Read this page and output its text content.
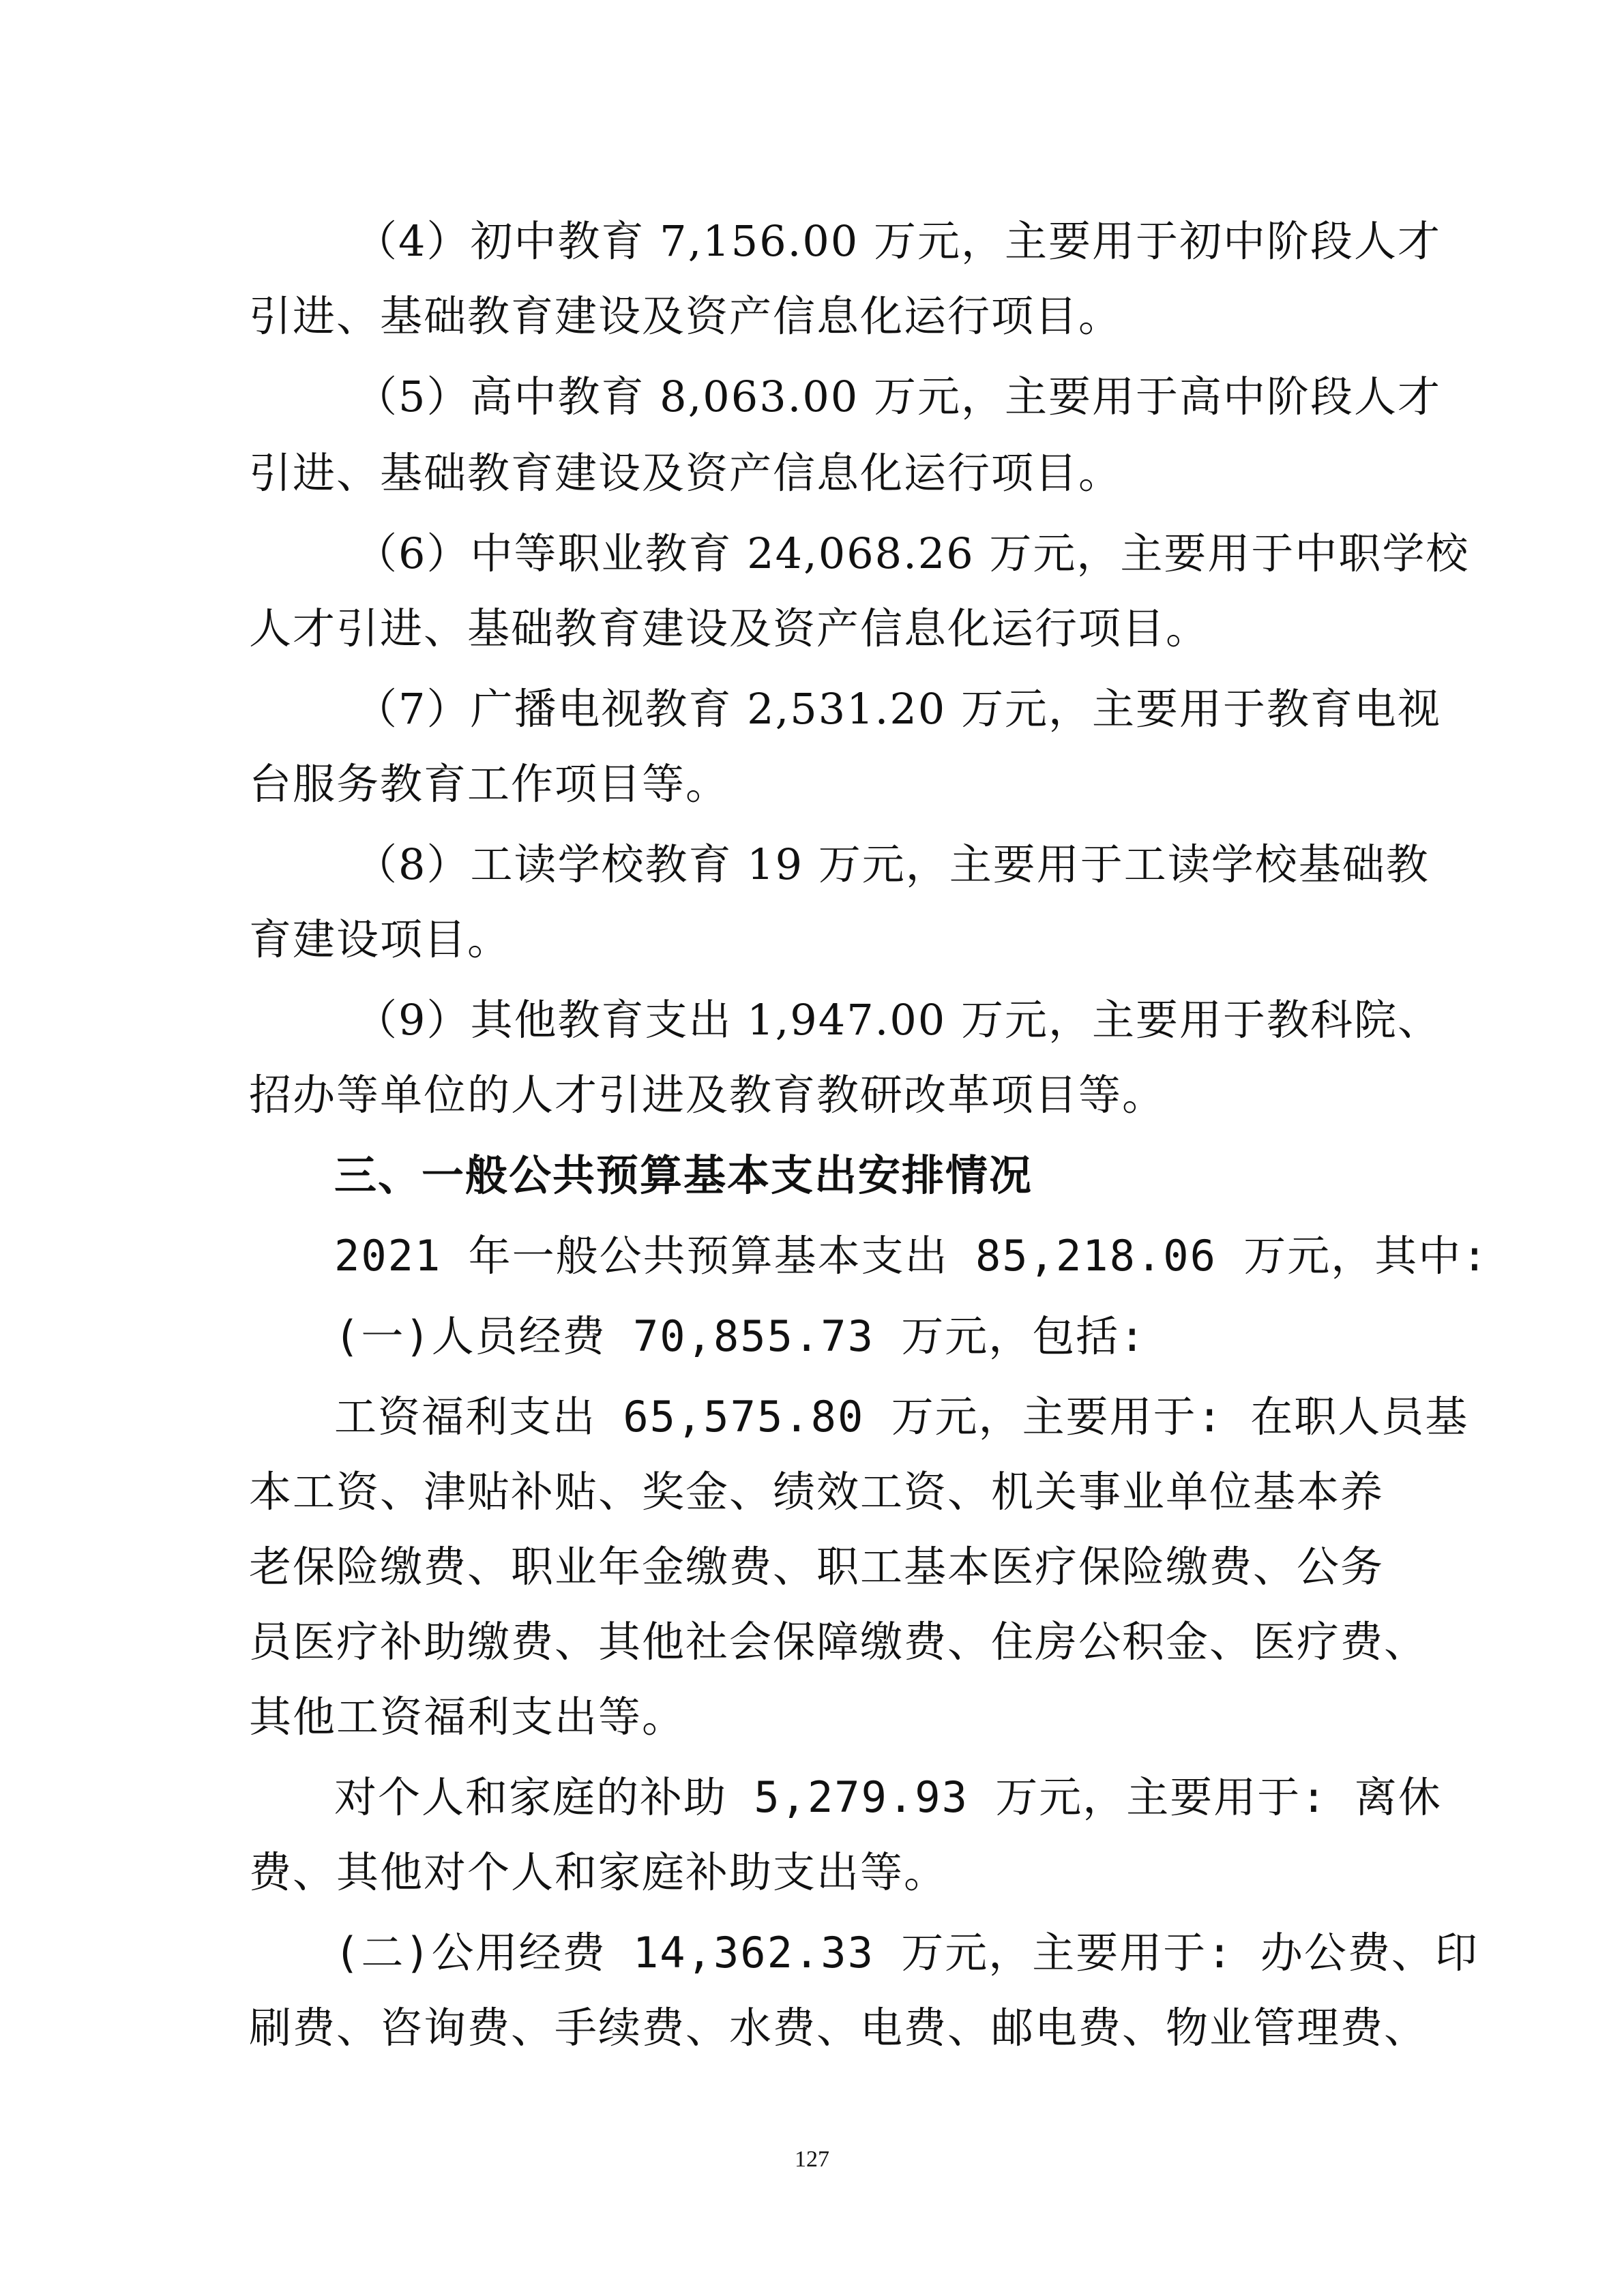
（4）初中教育 7,156.00 万元，主要用于初中阶段人才
引进、基础教育建设及资产信息化运行项目。
（5）高中教育 8,063.00 万元，主要用于高中阶段人才
引进、基础教育建设及资产信息化运行项目。
（6）中等职业教育 24,068.26 万元，主要用于中职学校
人才引进、基础教育建设及资产信息化运行项目。
（7）广播电视教育 2,531.20 万元，主要用于教育电视
台服务教育工作项目等。
（8）工读学校教育 19 万元，主要用于工读学校基础教
育建设项目。
（9）其他教育支出 1,947.00 万元，主要用于教科院、
招办等单位的人才引进及教育教研改革项目等。
三、一般公共预算基本支出安排情况
2021 年一般公共预算基本支出 85,218.06 万元，其中:
(一)人员经费 70,855.73 万元，包括:
工资福利支出 65,575.80 万元，主要用于: 在职人员基
本工资、津贴补贴、奖金、绩效工资、机关事业单位基本养
老保险缴费、职业年金缴费、职工基本医疗保险缴费、公务
员医疗补助缴费、其他社会保障缴费、住房公积金、医疗费、
其他工资福利支出等。
对个人和家庭的补助 5,279.93 万元，主要用于: 离休
费、其他对个人和家庭补助支出等。
(二)公用经费 14,362.33 万元，主要用于: 办公费、印
刷费、咨询费、手续费、水费、电费、邮电费、物业管理费、
127
